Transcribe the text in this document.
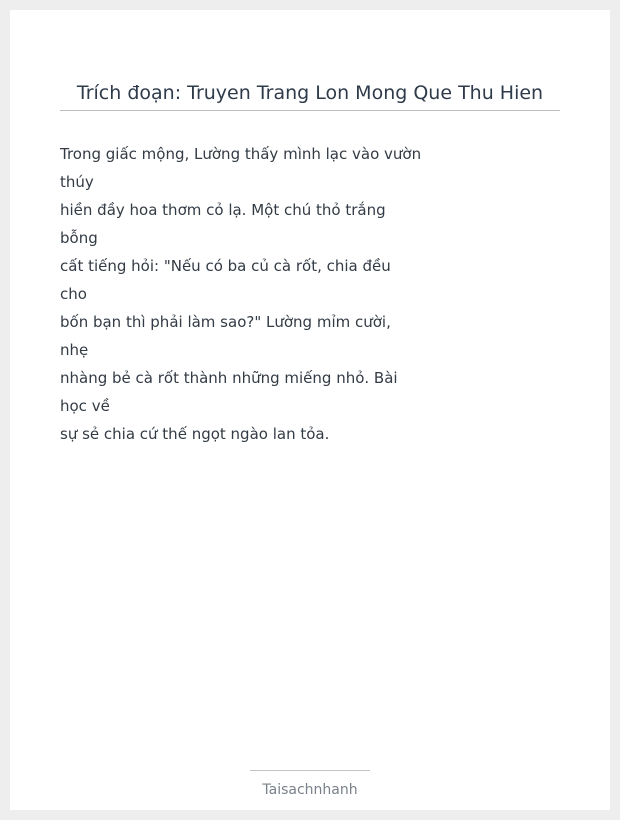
Trích đoạn: Truyen Trang Lon Mong Que Thu Hien
Trong giấc mộng, Lường thấy mình lạc vào vườn
thúy
hiền đầy hoa thơm cỏ lạ. Một chú thỏ trắng
bỗng
cất tiếng hỏi: "Nếu có ba củ cà rốt, chia đều
cho
bốn bạn thì phải làm sao?" Lường mỉm cười,
nhẹ
nhàng bẻ cà rốt thành những miếng nhỏ. Bài
học về
sự sẻ chia cứ thế ngọt ngào lan tỏa.
Taisachnhanh
